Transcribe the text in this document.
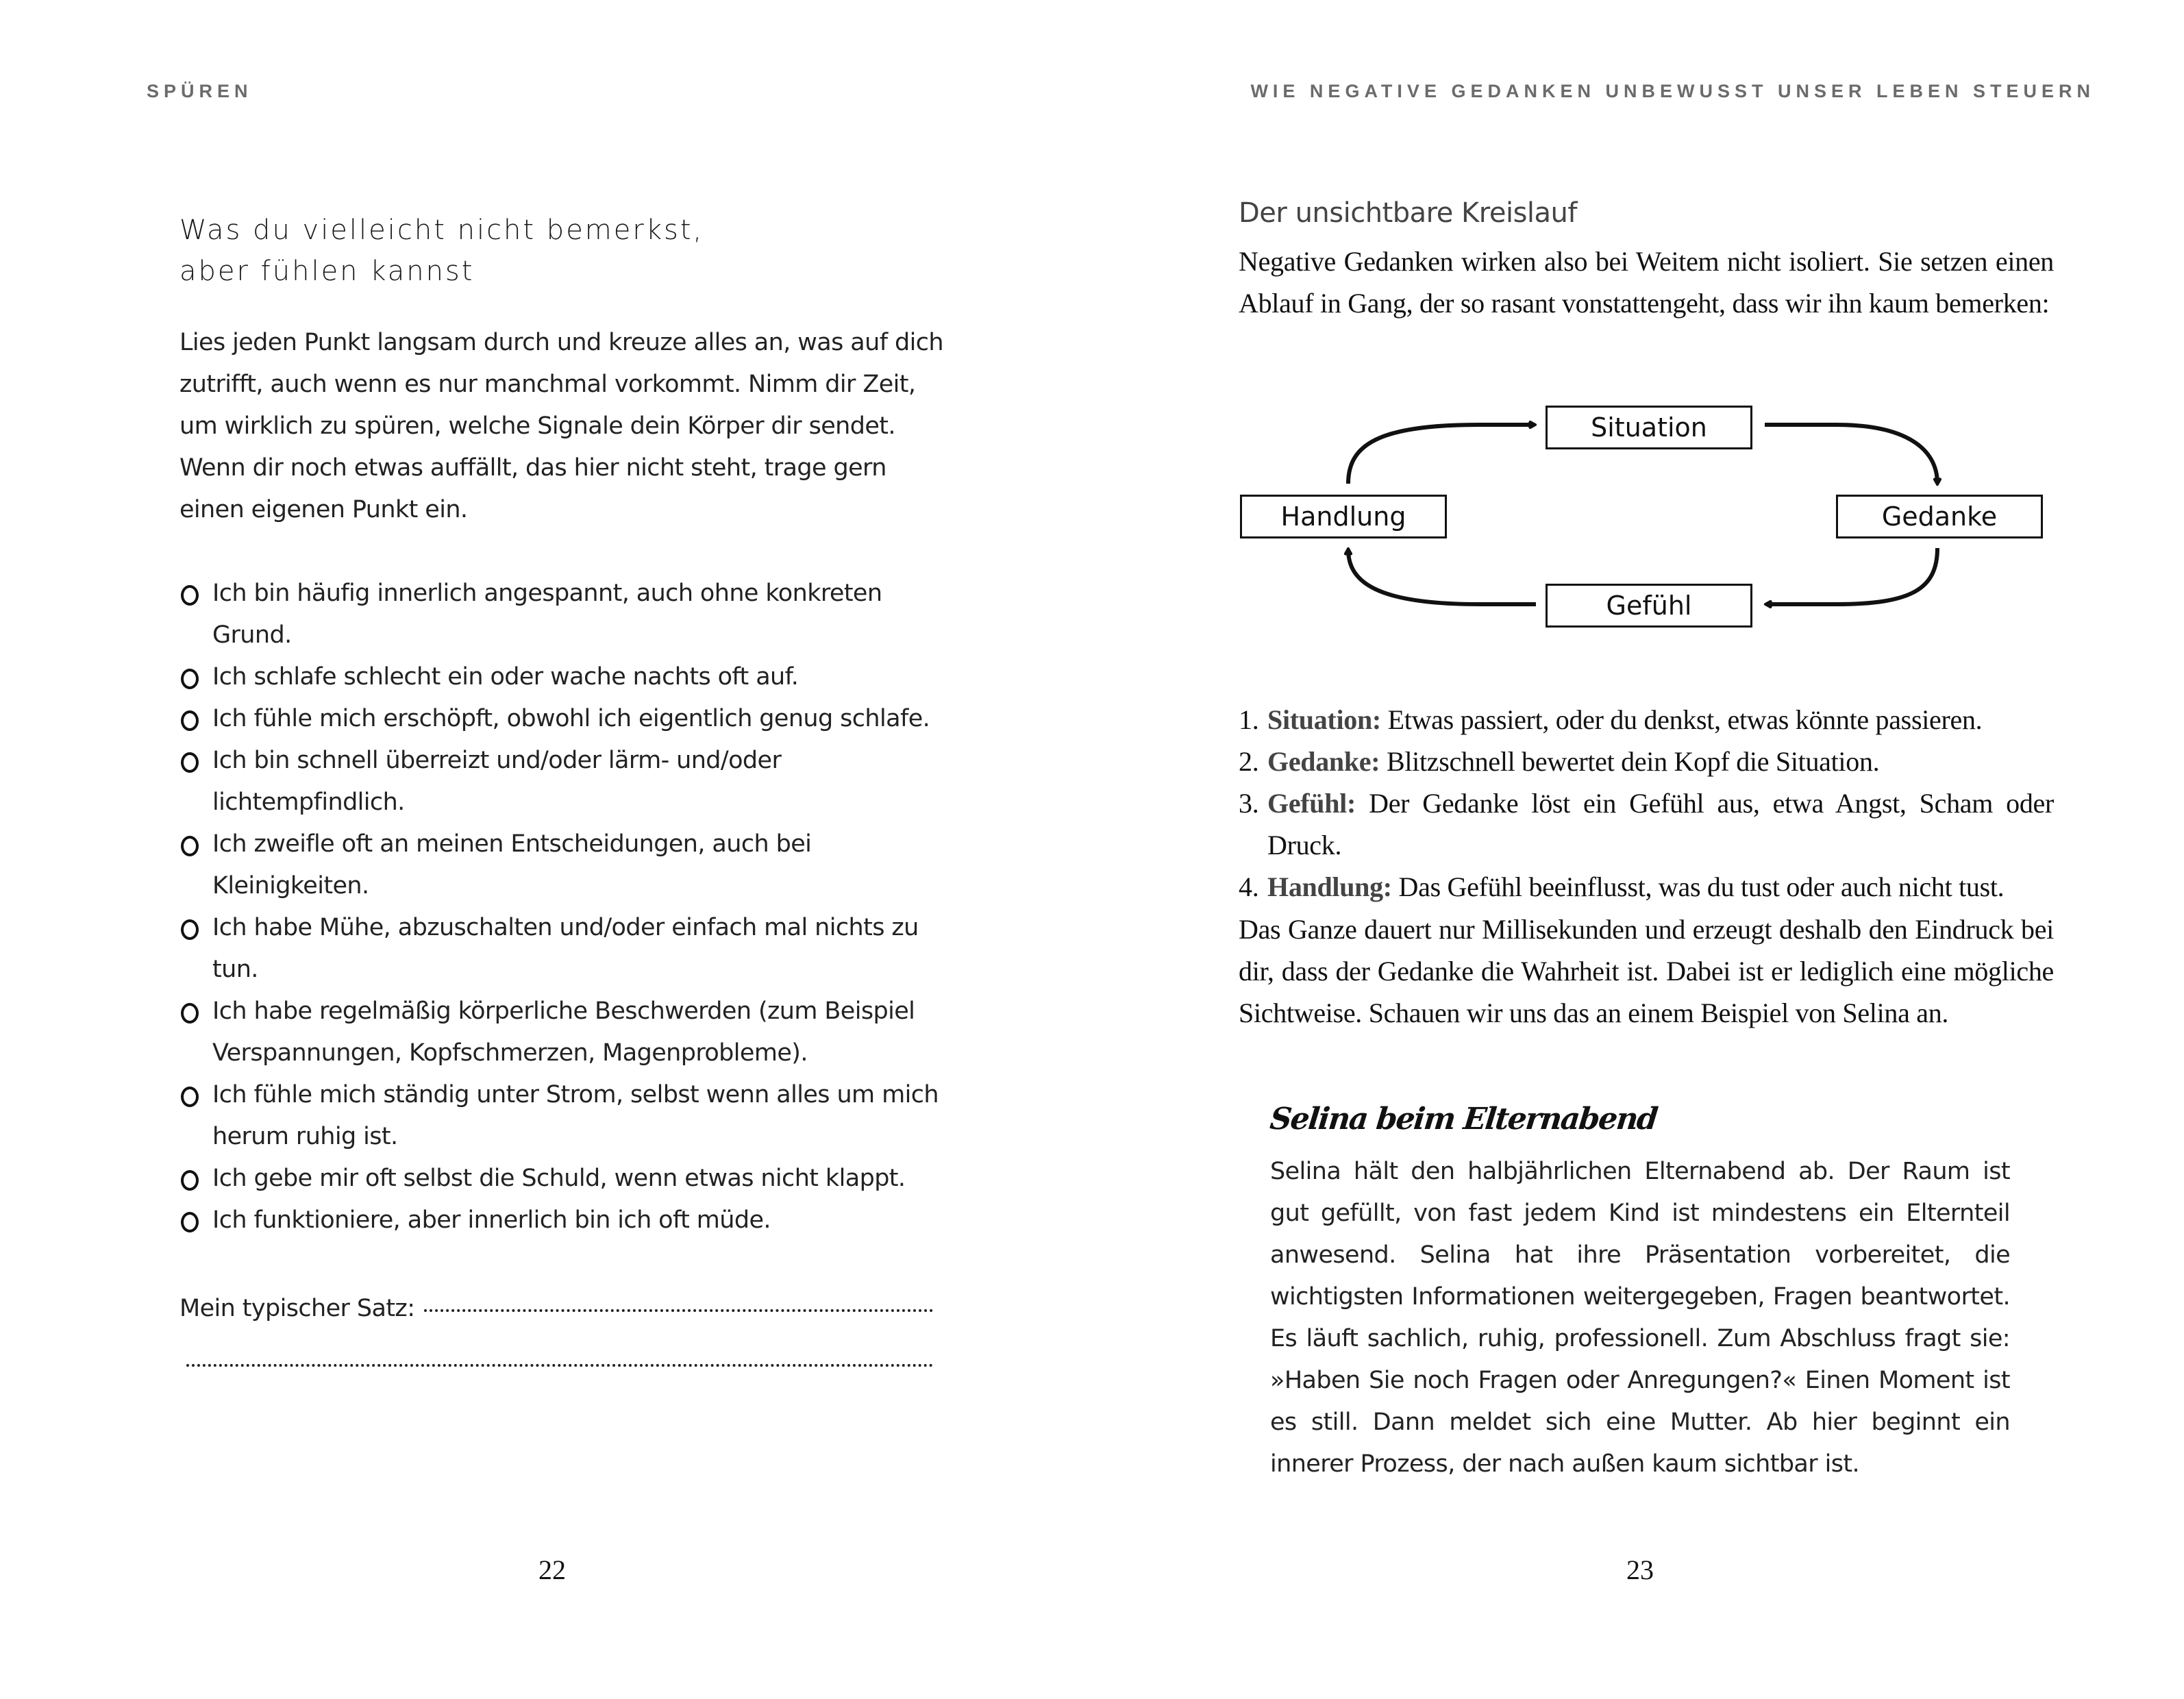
SPÜREN
Was du vielleicht nicht bemerkst,
aber fühlen kannst
Lies jeden Punkt langsam durch und kreuze alles an, was auf dich zutrifft, auch wenn es nur manchmal vorkommt. Nimm dir Zeit, um wirklich zu spüren, welche Signale dein Körper dir sendet. Wenn dir noch etwas auffällt, das hier nicht steht, trage gern einen eigenen Punkt ein.
Ich bin häufig innerlich angespannt, auch ohne konkreten Grund.
Ich schlafe schlecht ein oder wache nachts oft auf.
Ich fühle mich erschöpft, obwohl ich eigentlich genug schlafe.
Ich bin schnell überreizt und/oder lärm- und/oder lichtempfindlich.
Ich zweifle oft an meinen Entscheidungen, auch bei Kleinigkeiten.
Ich habe Mühe, abzuschalten und/oder einfach mal nichts zu tun.
Ich habe regelmäßig körperliche Beschwerden (zum Beispiel Verspannungen, Kopfschmerzen, Magenprobleme).
Ich fühle mich ständig unter Strom, selbst wenn alles um mich herum ruhig ist.
Ich gebe mir oft selbst die Schuld, wenn etwas nicht klappt.
Ich funktioniere, aber innerlich bin ich oft müde.
Mein typischer Satz:
22
WIE NEGATIVE GEDANKEN UNBEWUSST UNSER LEBEN STEUERN
Der unsichtbare Kreislauf
Negative Gedanken wirken also bei Weitem nicht isoliert. Sie setzen einen Ablauf in Gang, der so rasant vonstattengeht, dass wir ihn kaum bemerken:
1. Situation: Etwas passiert, oder du denkst, etwas könnte passieren.
2. Gedanke: Blitzschnell bewertet dein Kopf die Situation.
3. Gefühl: Der Gedanke löst ein Gefühl aus, etwa Angst, Scham oder Druck.
4. Handlung: Das Gefühl beeinflusst, was du tust oder auch nicht tust.
Das Ganze dauert nur Millisekunden und erzeugt deshalb den Eindruck bei dir, dass der Gedanke die Wahrheit ist. Dabei ist er lediglich eine mögliche Sichtweise. Schauen wir uns das an einem Beispiel von Selina an.
Selina beim Elternabend
Selina hält den halbjährlichen Elternabend ab. Der Raum ist gut gefüllt, von fast jedem Kind ist mindestens ein Elternteil anwesend. Selina hat ihre Präsentation vorbereitet, die wichtigsten Informationen weitergegeben, Fragen beantwortet. Es läuft sachlich, ruhig, professionell. Zum Abschluss fragt sie: »Haben Sie noch Fragen oder Anregungen?« Einen Moment ist es still. Dann meldet sich eine Mutter. Ab hier beginnt ein innerer Prozess, der nach außen kaum sichtbar ist.
23
Situation
Handlung	Gedanke
Gefühl
